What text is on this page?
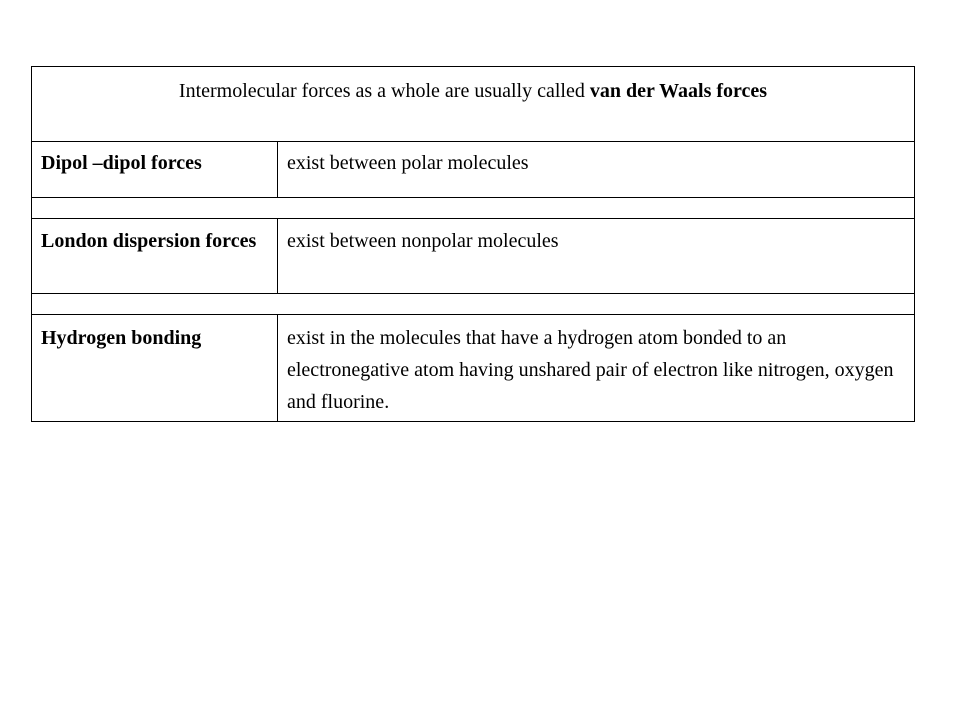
Intermolecular forces as a whole are usually called van der Waals forces
Dipol –dipol forces	exist between polar molecules
London dispersion forces	exist between nonpolar molecules
Hydrogen bonding	exist in the molecules that have a hydrogen atom bonded to an electronegative atom having unshared pair of electron like nitrogen, oxygen and fluorine.
